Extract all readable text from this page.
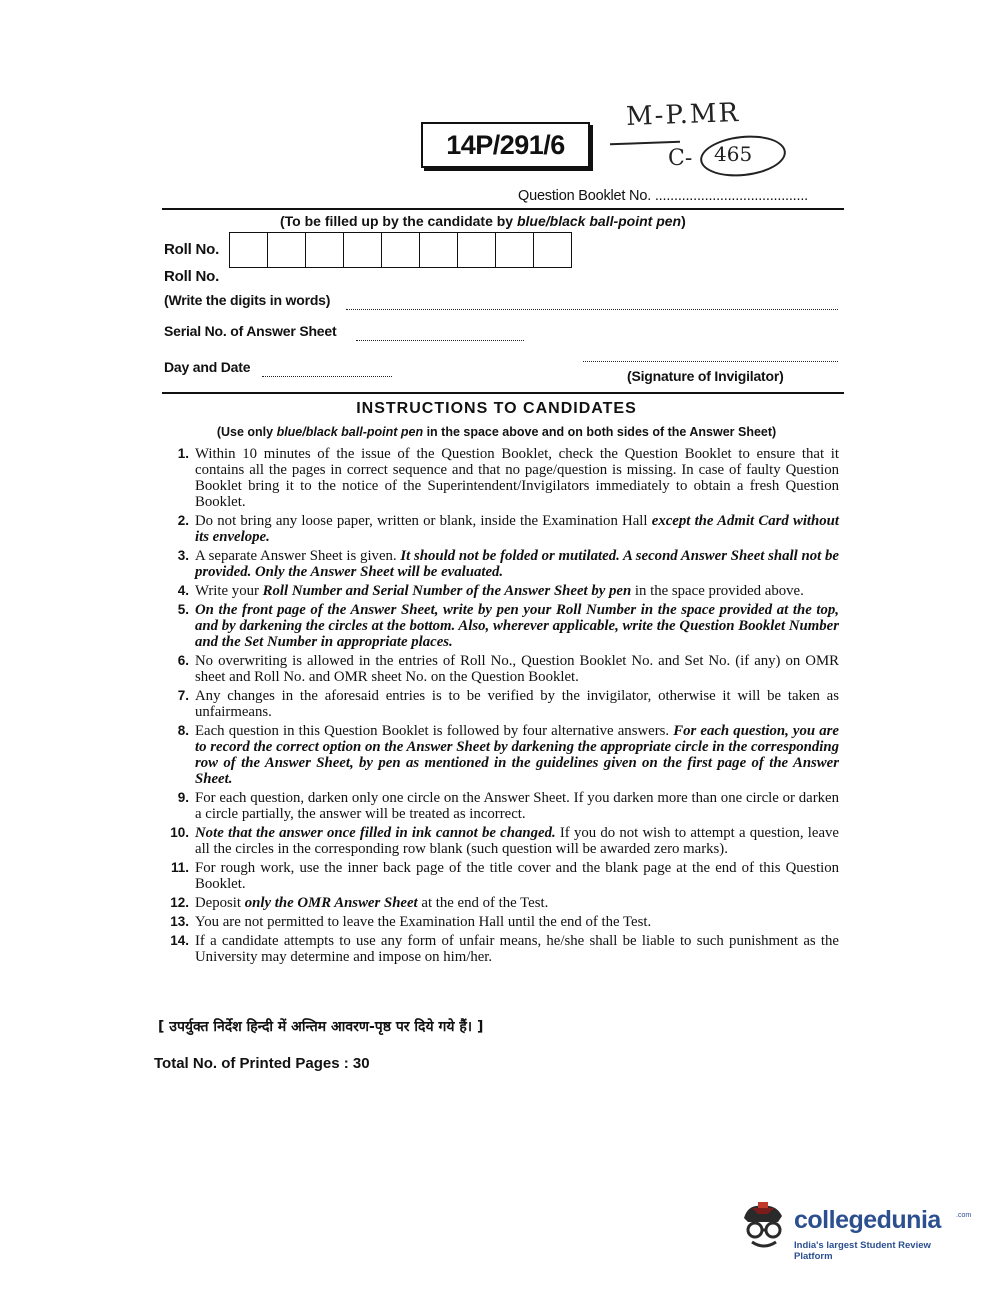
14P/291/6
M-P.MR
C- 465
Question Booklet No. ........................................
(To be filled up by the candidate by blue/black ball-point pen)
Roll No.
Roll No.
(Write the digits in words)
Serial No. of Answer Sheet
Day and Date
(Signature of Invigilator)
INSTRUCTIONS TO CANDIDATES
(Use only blue/black ball-point pen in the space above and on both sides of the Answer Sheet)
1. Within 10 minutes of the issue of the Question Booklet, check the Question Booklet to ensure that it contains all the pages in correct sequence and that no page/question is missing. In case of faulty Question Booklet bring it to the notice of the Superintendent/Invigilators immediately to obtain a fresh Question Booklet.
2. Do not bring any loose paper, written or blank, inside the Examination Hall except the Admit Card without its envelope.
3. A separate Answer Sheet is given. It should not be folded or mutilated. A second Answer Sheet shall not be provided. Only the Answer Sheet will be evaluated.
4. Write your Roll Number and Serial Number of the Answer Sheet by pen in the space provided above.
5. On the front page of the Answer Sheet, write by pen your Roll Number in the space provided at the top, and by darkening the circles at the bottom. Also, wherever applicable, write the Question Booklet Number and the Set Number in appropriate places.
6. No overwriting is allowed in the entries of Roll No., Question Booklet No. and Set No. (if any) on OMR sheet and Roll No. and OMR sheet No. on the Question Booklet.
7. Any changes in the aforesaid entries is to be verified by the invigilator, otherwise it will be taken as unfairmeans.
8. Each question in this Question Booklet is followed by four alternative answers. For each question, you are to record the correct option on the Answer Sheet by darkening the appropriate circle in the corresponding row of the Answer Sheet, by pen as mentioned in the guidelines given on the first page of the Answer Sheet.
9. For each question, darken only one circle on the Answer Sheet. If you darken more than one circle or darken a circle partially, the answer will be treated as incorrect.
10. Note that the answer once filled in ink cannot be changed. If you do not wish to attempt a question, leave all the circles in the corresponding row blank (such question will be awarded zero marks).
11. For rough work, use the inner back page of the title cover and the blank page at the end of this Question Booklet.
12. Deposit only the OMR Answer Sheet at the end of the Test.
13. You are not permitted to leave the Examination Hall until the end of the Test.
14. If a candidate attempts to use any form of unfair means, he/she shall be liable to such punishment as the University may determine and impose on him/her.
[ उपर्युक्त निर्देश हिन्दी में अन्तिम आवरण-पृष्ठ पर दिये गये हैं। ]
Total No. of Printed Pages : 30
collegedunia .com
India's largest Student Review Platform
